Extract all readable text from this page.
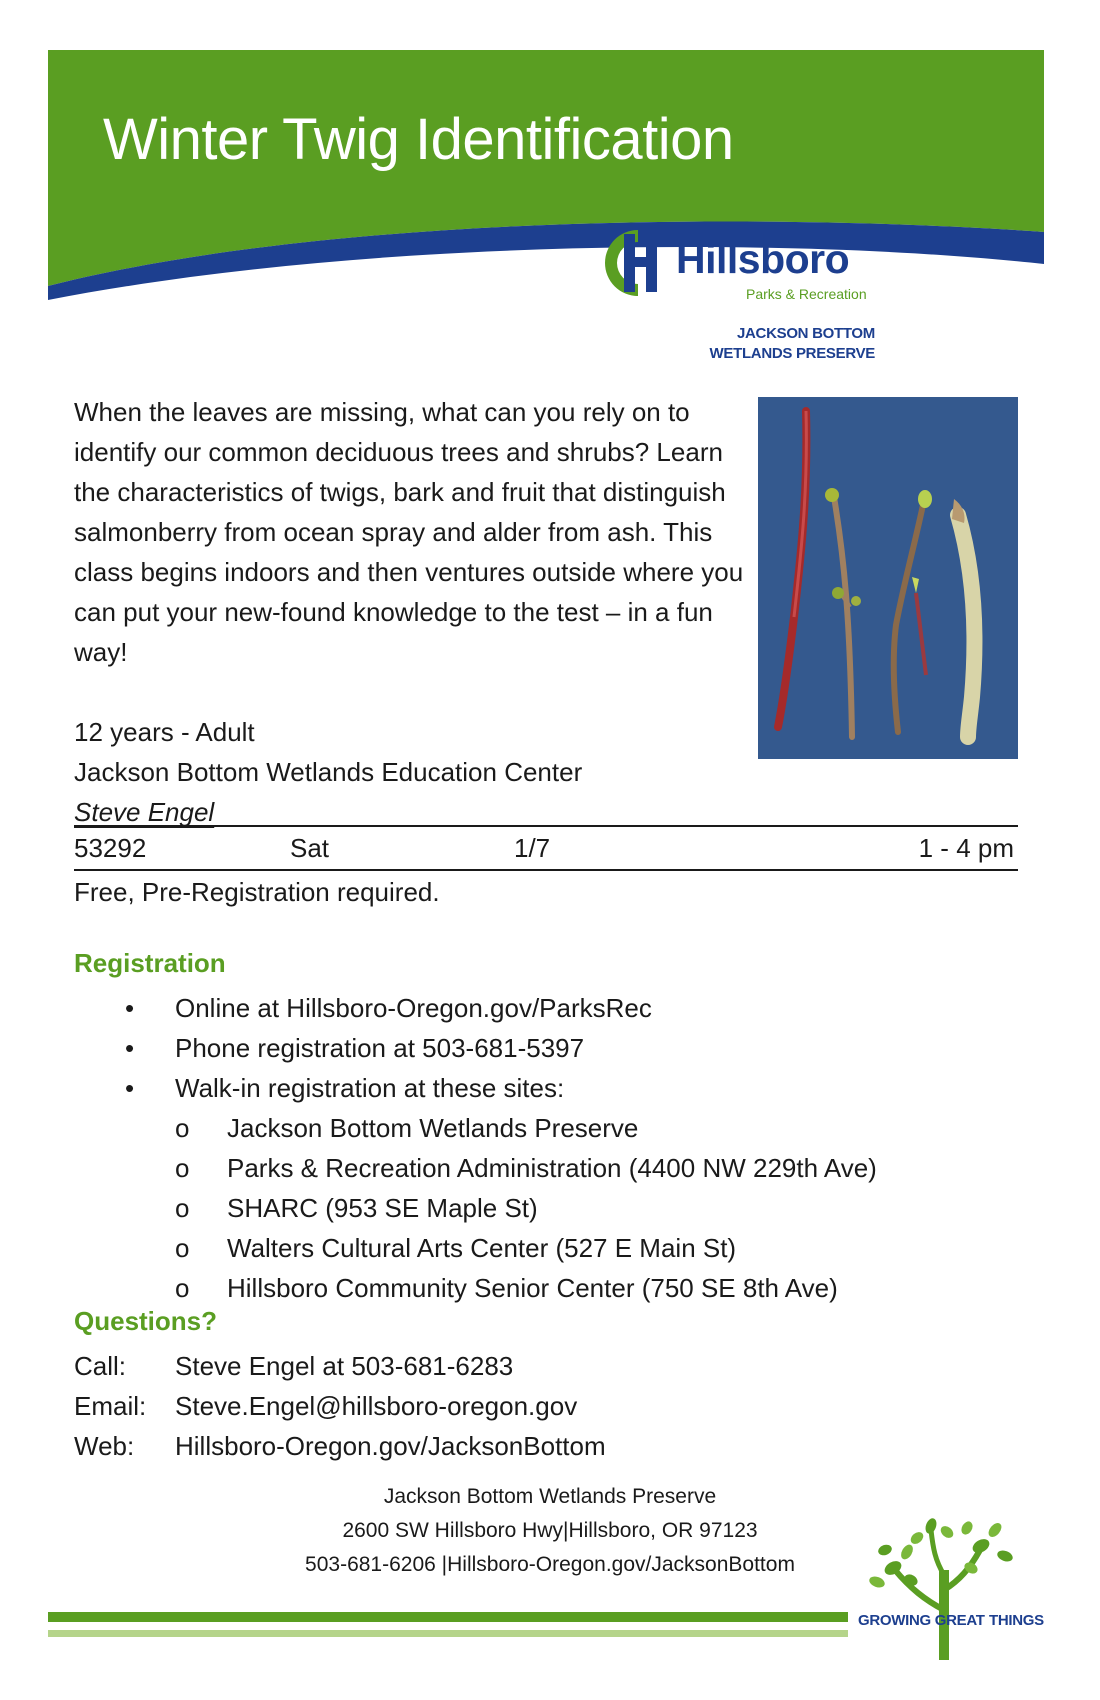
Winter Twig Identification
Hillsboro
Parks & Recreation
JACKSON BOTTOM
WETLANDS PRESERVE
When the leaves are missing, what can you rely on to identify our common deciduous trees and shrubs? Learn the characteristics of twigs, bark and fruit that distinguish salmonberry from ocean spray and alder from ash. This class begins indoors and then ventures outside where you can put your new-found knowledge to the test – in a fun way!
12 years - Adult
Jackson Bottom Wetlands Education Center
Steve Engel
53292	Sat	1/7	1 - 4 pm
Free, Pre-Registration required.
Registration
• Online at Hillsboro-Oregon.gov/ParksRec
• Phone registration at 503-681-5397
• Walk-in registration at these sites:
o Jackson Bottom Wetlands Preserve
o Parks & Recreation Administration (4400 NW 229th Ave)
o SHARC (953 SE Maple St)
o Walters Cultural Arts Center (527 E Main St)
o Hillsboro Community Senior Center (750 SE 8th Ave)
Questions?
Call: Steve Engel at 503-681-6283
Email: Steve.Engel@hillsboro-oregon.gov
Web: Hillsboro-Oregon.gov/JacksonBottom
Jackson Bottom Wetlands Preserve
2600 SW Hillsboro Hwy|Hillsboro, OR 97123
503-681-6206 |Hillsboro-Oregon.gov/JacksonBottom
GROWING GREAT THINGS
